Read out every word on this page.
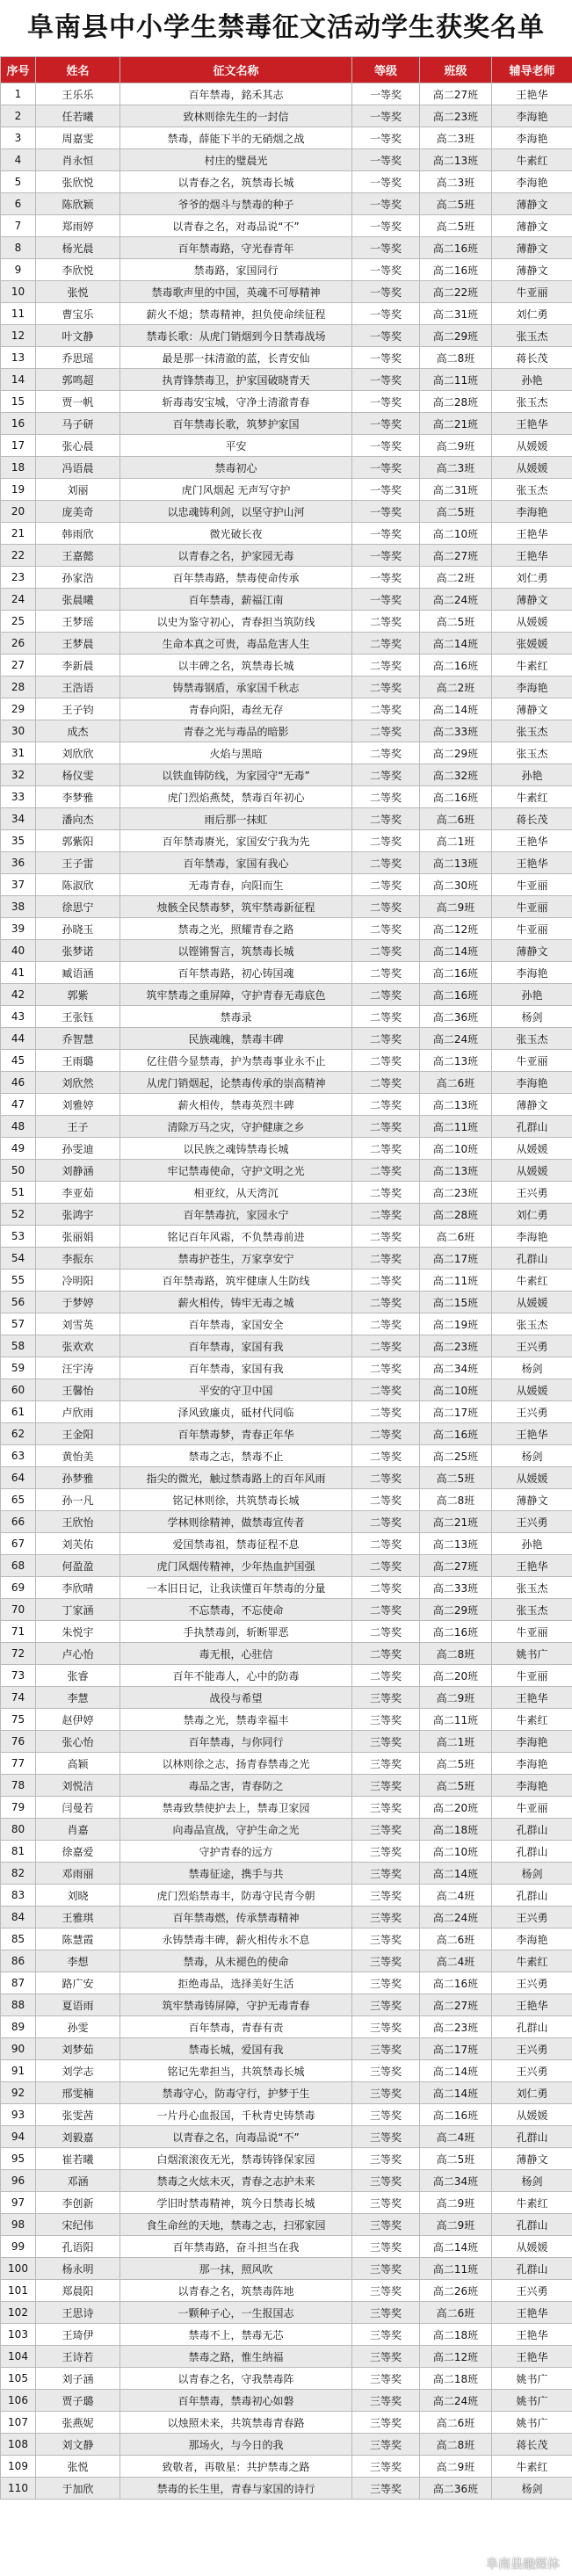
阜南县中小学生禁毒征文活动学生获奖名单
序号	姓名	征文名称	等级	班级	辅导老师
1	王乐乐	百年禁毒，銘禾其志	一等奖	高二27班	王艳华
2	任若曦	致林则徐先生的一封信	一等奖	高二23班	李海艳
3	周嘉雯	禁毒，薛能下半的无硝烟之战	一等奖	高二3班	李海艳
4	肖永恒	村庄的璧晨光	一等奖	高二13班	牛素红
5	张欣悦	以青春之名，筑禁毒长城	一等奖	高二3班	李海艳
6	陈欣颖	爷爷的烟斗与禁毒的种子	一等奖	高二5班	薄静文
7	郑雨婷	以青春之名，对毒品说“不”	一等奖	高二5班	薄静文
8	杨光晨	百年禁毒路，守光春青年	一等奖	高二16班	薄静文
9	李欣悦	禁毒路，家国同行	一等奖	高二16班	薄静文
10	张悦	禁毒歌声里的中国，英魂不可辱精神	一等奖	高二22班	牛亚丽
11	曹宝乐	薪火不熄；禁毒精神，担负使命续征程	一等奖	高二31班	刘仁勇
12	叶文静	禁毒长歌：从虎门销烟到今日禁毒战场	一等奖	高二29班	张玉杰
13	乔思瑶	最是那一抹清澈的蓝，长青安仙	一等奖	高二8班	蒋长茂
14	郭鸣超	执青锋禁毒卫，护家国破晓青天	一等奖	高二11班	孙艳
15	贾一帆	斩毒毒安宝城，守净土清澈青春	一等奖	高二28班	张玉杰
16	马子研	百年禁毒长歌，筑梦护家国	一等奖	高二21班	王艳华
17	张心晨	平安	一等奖	高二9班	从媛媛
18	冯语晨	禁毒初心	一等奖	高二3班	从媛媛
19	刘丽	虎门风烟起 无声写守护	一等奖	高二31班	张玉杰
20	庞美奇	以忠魂铸利剑，以坚守护山河	一等奖	高二5班	李海艳
21	韩雨欣	微光破长夜	一等奖	高二10班	王艳华
22	王嘉懿	以青春之名，护家园无毒	一等奖	高二27班	王艳华
23	孙家浩	百年禁毒路，禁毒使命传承	一等奖	高二2班	刘仁勇
24	张晨曦	百年禁毒，薪福江南	一等奖	高二24班	薄静文
25	王梦瑶	以史为鉴守初心，青春担当筑防线	二等奖	高二5班	从媛媛
26	王梦晨	生命本真之可贵，毒品危害人生	二等奖	高二14班	张媛媛
27	李新晨	以丰碑之名，筑禁毒长城	二等奖	高二16班	牛素红
28	王浩语	铸禁毒钢盾，承家国千秋志	二等奖	高二2班	李海艳
29	王子钧	青春向阳，毒丝无存	二等奖	高二14班	薄静文
30	成杰	青春之光与毒品的暗影	二等奖	高二33班	张玉杰
31	刘欣欣	火焰与黑暗	二等奖	高二29班	张玉杰
32	杨仪雯	以铁血铸防线，为家园守“无毒”	二等奖	高二32班	孙艳
33	李梦雅	虎门烈焰燕焚，禁毒百年初心	二等奖	高二16班	牛素红
34	潘向杰	雨后那一抹虹	二等奖	高二6班	蒋长茂
35	郭紫阳	百年禁毒赓光，家国安宁我为先	二等奖	高二1班	王艳华
36	王子雷	百年禁毒，家国有我心	二等奖	高二13班	王艳华
37	陈淑欣	无毒青春，向阳而生	二等奖	高二30班	牛亚丽
38	徐思宁	烛骸全民禁毒梦，筑牢禁毒新征程	二等奖	高二9班	牛亚丽
39	孙晓玉	禁毒之光，照耀青春之路	二等奖	高二12班	牛亚丽
40	张梦诺	以铿锵誓言，筑禁毒长城	二等奖	高二14班	薄静文
41	臧语涵	百年禁毒路，初心铸国魂	二等奖	高二16班	李海艳
42	郭紫	筑牢禁毒之重屏障，守护青春无毒底色	二等奖	高二16班	孙艳
43	王张钰	禁毒录	二等奖	高二36班	杨剑
44	乔智慧	民族魂魄，禁毒丰碑	二等奖	高二24班	张玉杰
45	王雨璐	亿往借今显禁毒，护为禁毒事业永不止	二等奖	高二13班	牛亚丽
46	刘欣然	从虎门销烟起，论禁毒传承的崇高精神	二等奖	高二6班	李海艳
47	刘雅婷	薪火相传，禁毒英烈丰碑	二等奖	高二13班	薄静文
48	王子	清除万马之灾，守护健康之乡	二等奖	高二11班	孔群山
49	孙雯迪	以民族之魂铸禁毒长城	二等奖	高二10班	从媛媛
50	刘静涵	牢记禁毒使命，守护文明之光	二等奖	高二13班	从媛媛
51	李亚茹	相亚纹，从天湾沉	二等奖	高二23班	王兴勇
52	张鸿宇	百年禁毒抗，家园永宁	二等奖	高二28班	刘仁勇
53	张丽娟	铭记百年风霜，不负禁毒前进	二等奖	高二6班	李海艳
54	李振东	禁毒护苍生，万家享安宁	二等奖	高二17班	孔群山
55	冷明阳	百年禁毒路，筑牢健康人生防线	二等奖	高二11班	牛素红
56	于梦婷	薪火相传，铸牢无毒之城	二等奖	高二15班	从媛媛
57	刘雪英	百年禁毒，家国安全	二等奖	高二19班	张玉杰
58	张欢欢	百年禁毒，家国有我	二等奖	高二23班	王兴勇
59	汪宇涛	百年禁毒，家国有我	二等奖	高二34班	杨剑
60	王馨怡	平安的守卫中国	二等奖	高二10班	从媛媛
61	卢欣雨	泽风致廉贞，砥材代同临	二等奖	高二17班	王兴勇
62	王金阳	百年禁毒梦，青春正年华	二等奖	高二16班	王艳华
63	黄怡美	禁毒之志，禁毒不止	二等奖	高二25班	杨剑
64	孙梦雅	指尖的微光，触过禁毒路上的百年风雨	二等奖	高二5班	从媛媛
65	孙一凡	铭记林则徐，共筑禁毒长城	二等奖	高二8班	薄静文
66	王欣怡	学林则徐精神，做禁毒宣传者	二等奖	高二21班	王兴勇
67	刘芙佑	爱国禁毒祖，禁毒征程不息	二等奖	高二13班	孙艳
68	何盈盈	虎门风烟传精神，少年热血护国强	二等奖	高二27班	王艳华
69	李欣晴	一本旧日记，让我读懂百年禁毒的分量	二等奖	高二33班	张玉杰
70	丁家涵	不忘禁毒，不忘使命	二等奖	高二29班	张玉杰
71	朱悦宇	手执禁毒剑，斩断罪恶	二等奖	高二16班	牛亚丽
72	卢心怡	毒无根，心驻信	二等奖	高二8班	姚书广
73	张睿	百年不能毒人，心中的防毒	二等奖	高二20班	牛亚丽
74	李慧	战役与希望	三等奖	高二9班	王艳华
75	赵伊婷	禁毒之光，禁毒幸福丰	三等奖	高二11班	牛素红
76	张心怡	百年禁毒，与你同行	三等奖	高二1班	李海艳
77	高颖	以林则徐之志，扬青春禁毒之光	三等奖	高二5班	李海艳
78	刘悦洁	毒品之害，青春防之	三等奖	高二5班	李海艳
79	闫曼若	禁毒致禁使护去上，禁毒卫家园	三等奖	高二20班	牛亚丽
80	肖嘉	向毒品宣战，守护生命之光	三等奖	高二18班	孔群山
81	徐嘉爱	守护青春的远方	三等奖	高二10班	孔群山
82	邓雨丽	禁毒征途，携手与共	三等奖	高二14班	杨剑
83	刘晓	虎门烈焰禁毒丰，防毒守民青今朝	三等奖	高二4班	孔群山
84	王雅琪	百年禁毒燃，传承禁毒精神	三等奖	高二24班	王兴勇
85	陈慧霞	永铸禁毒丰碑，薪火相传永不息	三等奖	高二6班	李海艳
86	李想	禁毒，从未褪色的使命	三等奖	高二4班	牛素红
87	路广安	拒绝毒品，选择美好生活	三等奖	高二16班	王兴勇
88	夏语雨	筑牢禁毒铸屏障，守护无毒青春	三等奖	高二27班	王艳华
89	孙雯	百年禁毒，青春有责	三等奖	高二23班	孔群山
90	刘梦茹	禁毒长城，爱国有我	三等奖	高二17班	王兴勇
91	刘学志	铭记先辈担当，共筑禁毒长城	三等奖	高二14班	王兴勇
92	邢雯楠	禁毒守心，防毒守行，护梦于生	三等奖	高二14班	刘仁勇
93	张雯茜	一片丹心血报国，千秋青史铸禁毒	三等奖	高二16班	从媛媛
94	刘毅嘉	以青春之名，向毒品说“不”	三等奖	高二4班	孔群山
95	崔若曦	白烟滚滚夜无光，禁毒铸锋保家园	三等奖	高二5班	薄静文
96	邓涵	禁毒之火炫未灭，青春之志护未来	三等奖	高二34班	杨剑
97	李创新	学旧时禁毒精神，筑今日禁毒长城	三等奖	高二9班	牛素红
98	宋纪伟	食生命丝的天地，禁毒之志，扫邪家园	三等奖	高二9班	孔群山
99	孔语阳	百年禁毒路，奋斗担当在我	三等奖	高二14班	从媛媛
100	杨永明	那一抹，照风吹	三等奖	高二11班	孔群山
101	郑晨阳	以青春之名，筑禁毒阵地	三等奖	高二26班	王兴勇
102	王思诗	一颗种子心，一生报国志	三等奖	高二6班	王艳华
103	王琦伊	禁毒不上，禁毒无芯	三等奖	高二18班	王艳华
104	王诗若	禁毒之路，惟生纳福	三等奖	高二12班	王艳华
105	刘子涵	以青春之名，守我禁毒阵	三等奖	高二18班	姚书广
106	贾子璐	百年禁毒，禁毒初心如磐	三等奖	高二24班	姚书广
107	张燕妮	以烛照未来，共筑禁毒青春路	三等奖	高二6班	姚书广
108	刘文静	那场火，与今日的我	三等奖	高二8班	蒋长茂
109	张悦	致敬者，再敬星：共护禁毒之路	三等奖	高二9班	牛素红
110	于加欣	禁毒的长生里，青春与家国的诗行	三等奖	高二36班	杨剑
阜南县融媒体
